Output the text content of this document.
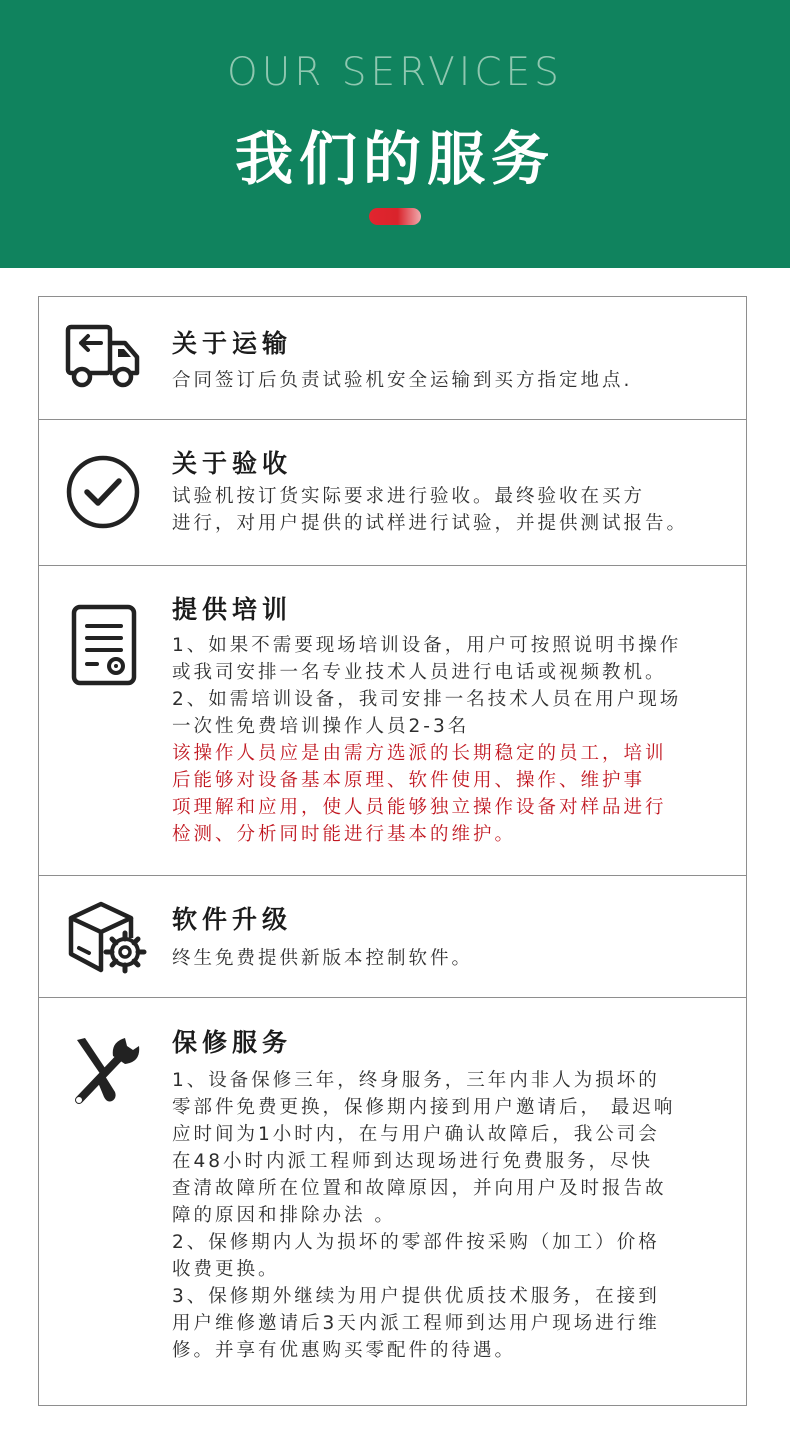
OUR SERVICES
我们的服务
关于运输

合同签订后负责试验机安全运输到买方指定地点.

关于验收

试验机按订货实际要求进行验收。最终验收在买方

进行，对用户提供的试样进行试验，并提供测试报告。

提供培训

1、如果不需要现场培训设备，用户可按照说明书操作

或我司安排一名专业技术人员进行电话或视频教机。

2、如需培训设备，我司安排一名技术人员在用户现场

一次性免费培训操作人员2-3名

该操作人员应是由需方选派的长期稳定的员工，培训

后能够对设备基本原理、软件使用、操作、维护事

项理解和应用，使人员能够独立操作设备对样品进行

检测、分析同时能进行基本的维护。

软件升级

终生免费提供新版本控制软件。

保修服务

1、设备保修三年，终身服务，三年内非人为损坏的

零部件免费更换，保修期内接到用户邀请后， 最迟响

应时间为1小时内，在与用户确认故障后，我公司会

在48小时内派工程师到达现场进行免费服务，尽快

查清故障所在位置和故障原因，并向用户及时报告故

障的原因和排除办法 。

2、保修期内人为损坏的零部件按采购（加工）价格

收费更换。

3、保修期外继续为用户提供优质技术服务，在接到

用户维修邀请后3天内派工程师到达用户现场进行维

修。并享有优惠购买零配件的待遇。
